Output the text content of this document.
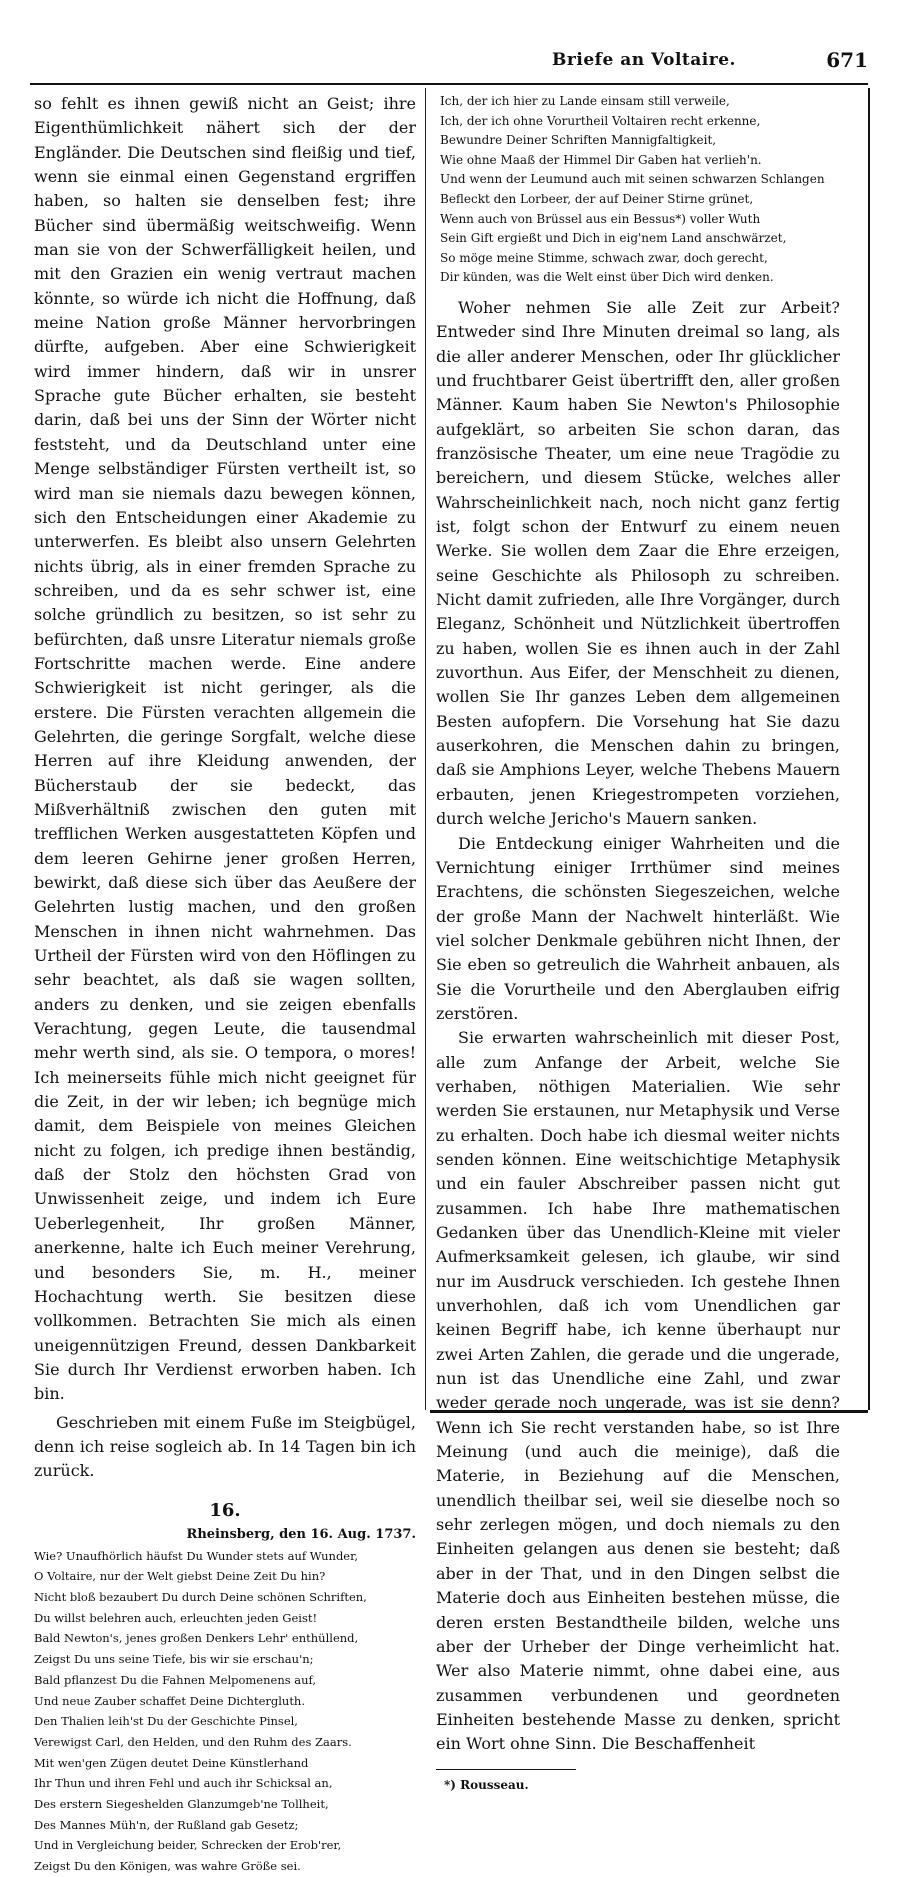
Briefe an Voltaire.	671

so fehlt es ihnen gewiß nicht an Geist; ihre Eigenthümlichkeit nähert sich der der Engländer. Die Deutschen sind fleißig und tief, wenn sie einmal einen Gegenstand ergriffen haben, so halten sie denselben fest; ihre Bücher sind übermäßig weitschweifig. Wenn man sie von der Schwerfälligkeit heilen, und mit den Grazien ein wenig vertraut machen könnte, so würde ich nicht die Hoffnung, daß meine Nation große Männer hervorbringen dürfte, aufgeben. Aber eine Schwierigkeit wird immer hindern, daß wir in unsrer Sprache gute Bücher erhalten, sie besteht darin, daß bei uns der Sinn der Wörter nicht feststeht, und da Deutschland unter eine Menge selbständiger Fürsten vertheilt ist, so wird man sie niemals dazu bewegen können, sich den Entscheidungen einer Akademie zu unterwerfen. Es bleibt also unsern Gelehrten nichts übrig, als in einer fremden Sprache zu schreiben, und da es sehr schwer ist, eine solche gründlich zu besitzen, so ist sehr zu befürchten, daß unsre Literatur niemals große Fortschritte machen werde. Eine andere Schwierigkeit ist nicht geringer, als die erstere. Die Fürsten verachten allgemein die Gelehrten, die geringe Sorgfalt, welche diese Herren auf ihre Kleidung anwenden, der Bücherstaub der sie bedeckt, das Mißverhältniß zwischen den guten mit trefflichen Werken ausgestatteten Köpfen und dem leeren Gehirne jener großen Herren, bewirkt, daß diese sich über das Aeußere der Gelehrten lustig machen, und den großen Menschen in ihnen nicht wahrnehmen. Das Urtheil der Fürsten wird von den Höflingen zu sehr beachtet, als daß sie wagen sollten, anders zu denken, und sie zeigen ebenfalls Verachtung, gegen Leute, die tausendmal mehr werth sind, als sie. O tempora, o mores! Ich meinerseits fühle mich nicht geeignet für die Zeit, in der wir leben; ich begnüge mich damit, dem Beispiele von meines Gleichen nicht zu folgen, ich predige ihnen beständig, daß der Stolz den höchsten Grad von Unwissenheit zeige, und indem ich Eure Ueberlegenheit, Ihr großen Männer, anerkenne, halte ich Euch meiner Verehrung, und besonders Sie, m. H., meiner Hochachtung werth. Sie besitzen diese vollkommen. Betrachten Sie mich als einen uneigennützigen Freund, dessen Dankbarkeit Sie durch Ihr Verdienst erworben haben. Ich bin.

Geschrieben mit einem Fuße im Steigbügel, denn ich reise sogleich ab. In 14 Tagen bin ich zurück.

16.
Rheinsberg, den 16. Aug. 1737.
Wie? Unaufhörlich häufst Du Wunder stets auf Wunder,
O Voltaire, nur der Welt giebst Deine Zeit Du hin?
Nicht bloß bezaubert Du durch Deine schönen Schriften,
Du willst belehren auch, erleuchten jeden Geist!
Bald Newton's, jenes großen Denkers Lehr' enthüllend,
Zeigst Du uns seine Tiefe, bis wir sie erschau'n;
Bald pflanzest Du die Fahnen Melpomenens auf,
Und neue Zauber schaffet Deine Dichtergluth.
Den Thalien leih'st Du der Geschichte Pinsel,
Verewigst Carl, den Helden, und den Ruhm des Zaars.
Mit wen'gen Zügen deutet Deine Künstlerhand
Ihr Thun und ihren Fehl und auch ihr Schicksal an,
Des erstern Siegeshelden Glanzumgeb'ne Tollheit,
Des Mannes Müh'n, der Rußland gab Gesetz;
Und in Vergleichung beider, Schrecken der Erob'rer,
Zeigst Du den Königen, was wahre Größe sei.
Ich, der ich hier zu Lande einsam still verweile,
Ich, der ich ohne Vorurtheil Voltairen recht erkenne,
Bewundre Deiner Schriften Mannigfaltigkeit,
Wie ohne Maaß der Himmel Dir Gaben hat verlieh'n.
Und wenn der Leumund auch mit seinen schwarzen Schlangen
Befleckt den Lorbeer, der auf Deiner Stirne grünet,
Wenn auch von Brüssel aus ein Bessus*) voller Wuth
Sein Gift ergießt und Dich in eig'nem Land anschwärzet,
So möge meine Stimme, schwach zwar, doch gerecht,
Dir künden, was die Welt einst über Dich wird denken.

Woher nehmen Sie alle Zeit zur Arbeit? Entweder sind Ihre Minuten dreimal so lang, als die aller anderer Menschen, oder Ihr glücklicher und fruchtbarer Geist übertrifft den, aller großen Männer. Kaum haben Sie Newton's Philosophie aufgeklärt, so arbeiten Sie schon daran, das französische Theater, um eine neue Tragödie zu bereichern, und diesem Stücke, welches aller Wahrscheinlichkeit nach, noch nicht ganz fertig ist, folgt schon der Entwurf zu einem neuen Werke. Sie wollen dem Zaar die Ehre erzeigen, seine Geschichte als Philosoph zu schreiben. Nicht damit zufrieden, alle Ihre Vorgänger, durch Eleganz, Schönheit und Nützlichkeit übertroffen zu haben, wollen Sie es ihnen auch in der Zahl zuvorthun. Aus Eifer, der Menschheit zu dienen, wollen Sie Ihr ganzes Leben dem allgemeinen Besten aufopfern. Die Vorsehung hat Sie dazu auserkohren, die Menschen dahin zu bringen, daß sie Amphions Leyer, welche Thebens Mauern erbauten, jenen Kriegestrompeten vorziehen, durch welche Jericho's Mauern sanken.

Die Entdeckung einiger Wahrheiten und die Vernichtung einiger Irrthümer sind meines Erachtens, die schönsten Siegeszeichen, welche der große Mann der Nachwelt hinterläßt. Wie viel solcher Denkmale gebühren nicht Ihnen, der Sie eben so getreulich die Wahrheit anbauen, als Sie die Vorurtheile und den Aberglauben eifrig zerstören.

Sie erwarten wahrscheinlich mit dieser Post, alle zum Anfange der Arbeit, welche Sie verhaben, nöthigen Materialien. Wie sehr werden Sie erstaunen, nur Metaphysik und Verse zu erhalten. Doch habe ich diesmal weiter nichts senden können. Eine weitschichtige Metaphysik und ein fauler Abschreiber passen nicht gut zusammen. Ich habe Ihre mathematischen Gedanken über das Unendlich-Kleine mit vieler Aufmerksamkeit gelesen, ich glaube, wir sind nur im Ausdruck verschieden. Ich gestehe Ihnen unverhohlen, daß ich vom Unendlichen gar keinen Begriff habe, ich kenne überhaupt nur zwei Arten Zahlen, die gerade und die ungerade, nun ist das Unendliche eine Zahl, und zwar weder gerade noch ungerade, was ist sie denn? Wenn ich Sie recht verstanden habe, so ist Ihre Meinung (und auch die meinige), daß die Materie, in Beziehung auf die Menschen, unendlich theilbar sei, weil sie dieselbe noch so sehr zerlegen mögen, und doch niemals zu den Einheiten gelangen aus denen sie besteht; daß aber in der That, und in den Dingen selbst die Materie doch aus Einheiten bestehen müsse, die deren ersten Bestandtheile bilden, welche uns aber der Urheber der Dinge verheimlicht hat. Wer also Materie nimmt, ohne dabei eine, aus zusammen verbundenen und geordneten Einheiten bestehende Masse zu denken, spricht ein Wort ohne Sinn. Die Beschaffenheit

*) Rousseau.
